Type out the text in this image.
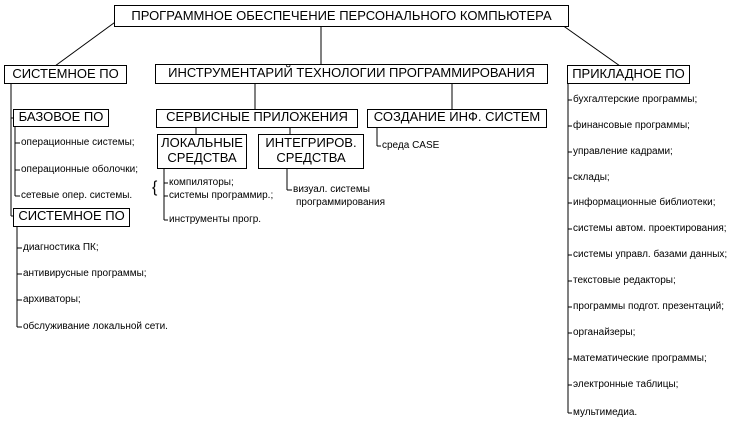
ПРОГРАММНОЕ ОБЕСПЕЧЕНИЕ ПЕРСОНАЛЬНОГО КОМПЬЮТЕРА
СИСТЕМНОЕ ПО
БАЗОВОЕ ПО
операционные системы;
операционные оболочки;
сетевые опер. системы.
СИСТЕМНОЕ ПО
диагностика ПК;
антивирусные программы;
архиваторы;
обслуживание локальной сети.
ИНСТРУМЕНТАРИЙ ТЕХНОЛОГИИ ПРОГРАММИРОВАНИЯ
СЕРВИСНЫЕ ПРИЛОЖЕНИЯ
ЛОКАЛЬНЫЕ
СРЕДСТВА
ИНТЕГРИРОВ.
СРЕДСТВА
{ компиляторы;
системы программир.;
инструменты прогр.
визуал. системы
программирования
СОЗДАНИЕ ИНФ. СИСТЕМ
среда CASE
ПРИКЛАДНОЕ ПО
бухгалтерские программы;
финансовые программы;
управление кадрами;
склады;
информационные библиотеки;
системы автом. проектирования;
системы управл. базами данных;
текстовые редакторы;
программы подгот. презентаций;
органайзеры;
математические программы;
электронные таблицы;
мультимедиа.
